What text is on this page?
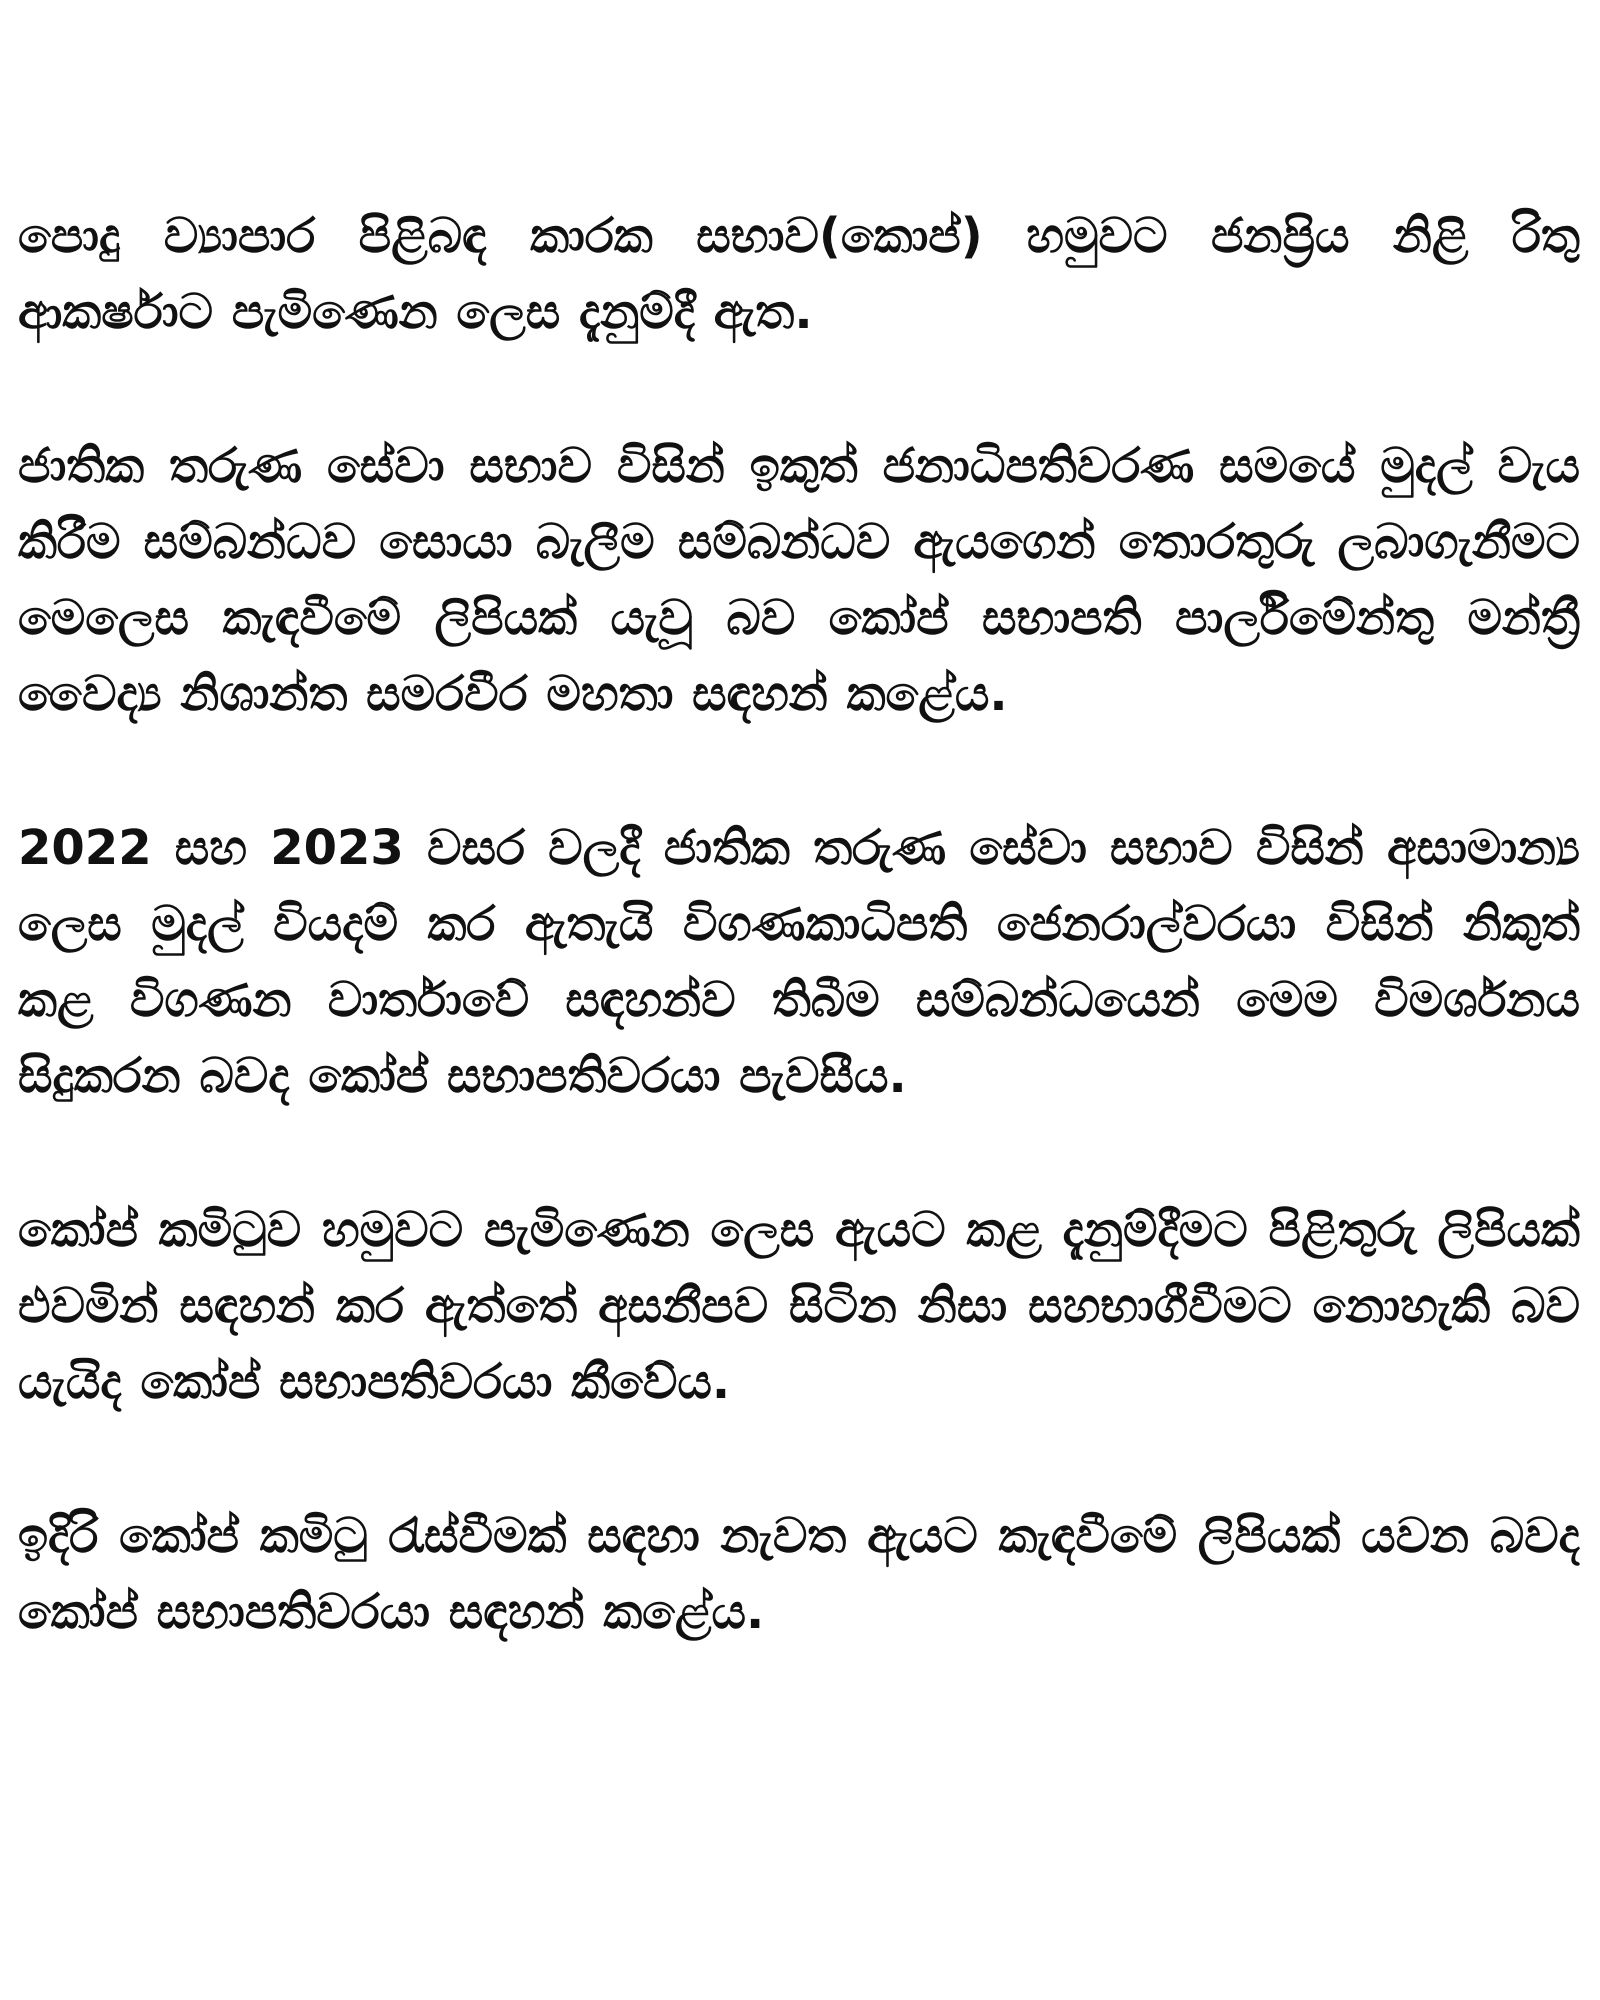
පොදු ව්‍යාපාර පිළිබඳ කාරක සභාව(කොප්) හමුවට ජනප්‍රිය නිළි රිතු ආකර්ෂාට පැමිණෙන ලෙස දැනුම්දී ඇත.

ජාතික තරුණ සේවා සභාව විසින් ඉකුත් ජනාධිපතිවරණ සමයේ මුදල් වැය කිරීම සම්බන්ධව සොයා බැලීම සම්බන්ධව ඇයගෙන් තොරතුරු ලබාගැනීමට මෙලෙස කැඳවීමේ ලිපියක් යැවූ බව කෝප් සභාපති පාර්ලිමේන්තු මන්ත්‍රී වෛද්‍ය නිශාන්ත සමරවීර මහතා සඳහන් කළේය.

2022 සහ 2023 වසර වලදී ජාතික තරුණ සේවා සභාව විසින් අසාමාන්‍ය ලෙස මුදල් වියදම් කර ඇතැයි විගණකාධිපති ජෙනරාල්වරයා විසින් නිකුත් කළ විගණන වාර්තාවේ සඳහන්ව තිබීම සම්බන්ධයෙන් මෙම විමර්ශනය සිදුකරන බවද කෝප් සභාපතිවරයා පැවසීය.

කෝප් කමිටුව හමුවට පැමිණෙන ලෙස ඇයට කළ දැනුම්දීමට පිළිතුරු ලිපියක් එවමින් සඳහන් කර ඇත්තේ අසනීපව සිටින නිසා සහභාගීවීමට නොහැකි බව යැයිද කෝප් සභාපතිවරයා කීවේය.

ඉදිරි කෝප් කමිටු රැස්වීමක් සඳහා නැවත ඇයට කැඳවීමේ ලිපියක් යවන බවද කෝප් සභාපතිවරයා සඳහන් කළේය.
